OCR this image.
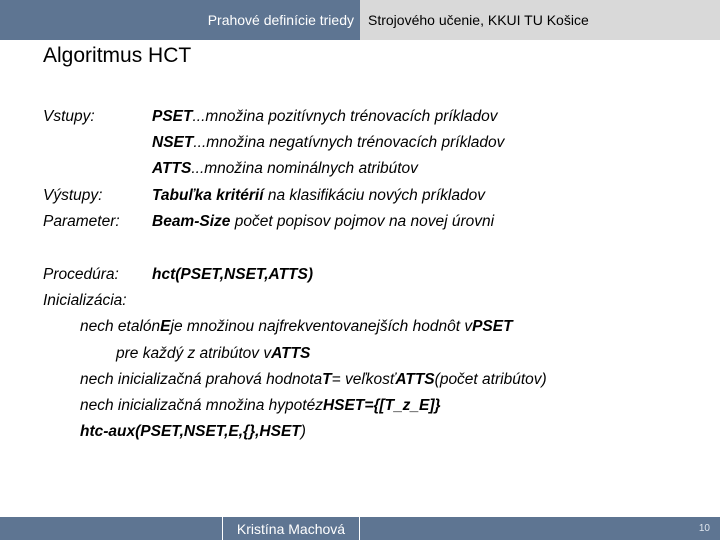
Prahové definície triedy Strojového učenie, KKUI TU Košice
Algoritmus HCT
Vstupy:	PSET...množina pozitívnych trénovacích príkladov
NSET...množina negatívnych trénovacích príkladov
ATTS...množina nominálnych atribútov
Výstupy:	Tabuľka kritérií na klasifikáciu nových príkladov
Parameter:	Beam-Size počet popisov pojmov na novej úrovni
Procedúra:	hct(PSET,NSET,ATTS)
Inicializácia:
nech etalón E je množinou najfrekventovanejších hodnôt v PSET
pre každý z atribútov v ATTS
nech inicializačná prahová hodnota T = veľkosť ATTS (počet atribútov)
nech inicializačná množina hypotéz HSET={[T_z_E]}
htc-aux(PSET,NSET,E,{},HSET )
Kristína Machová	10
